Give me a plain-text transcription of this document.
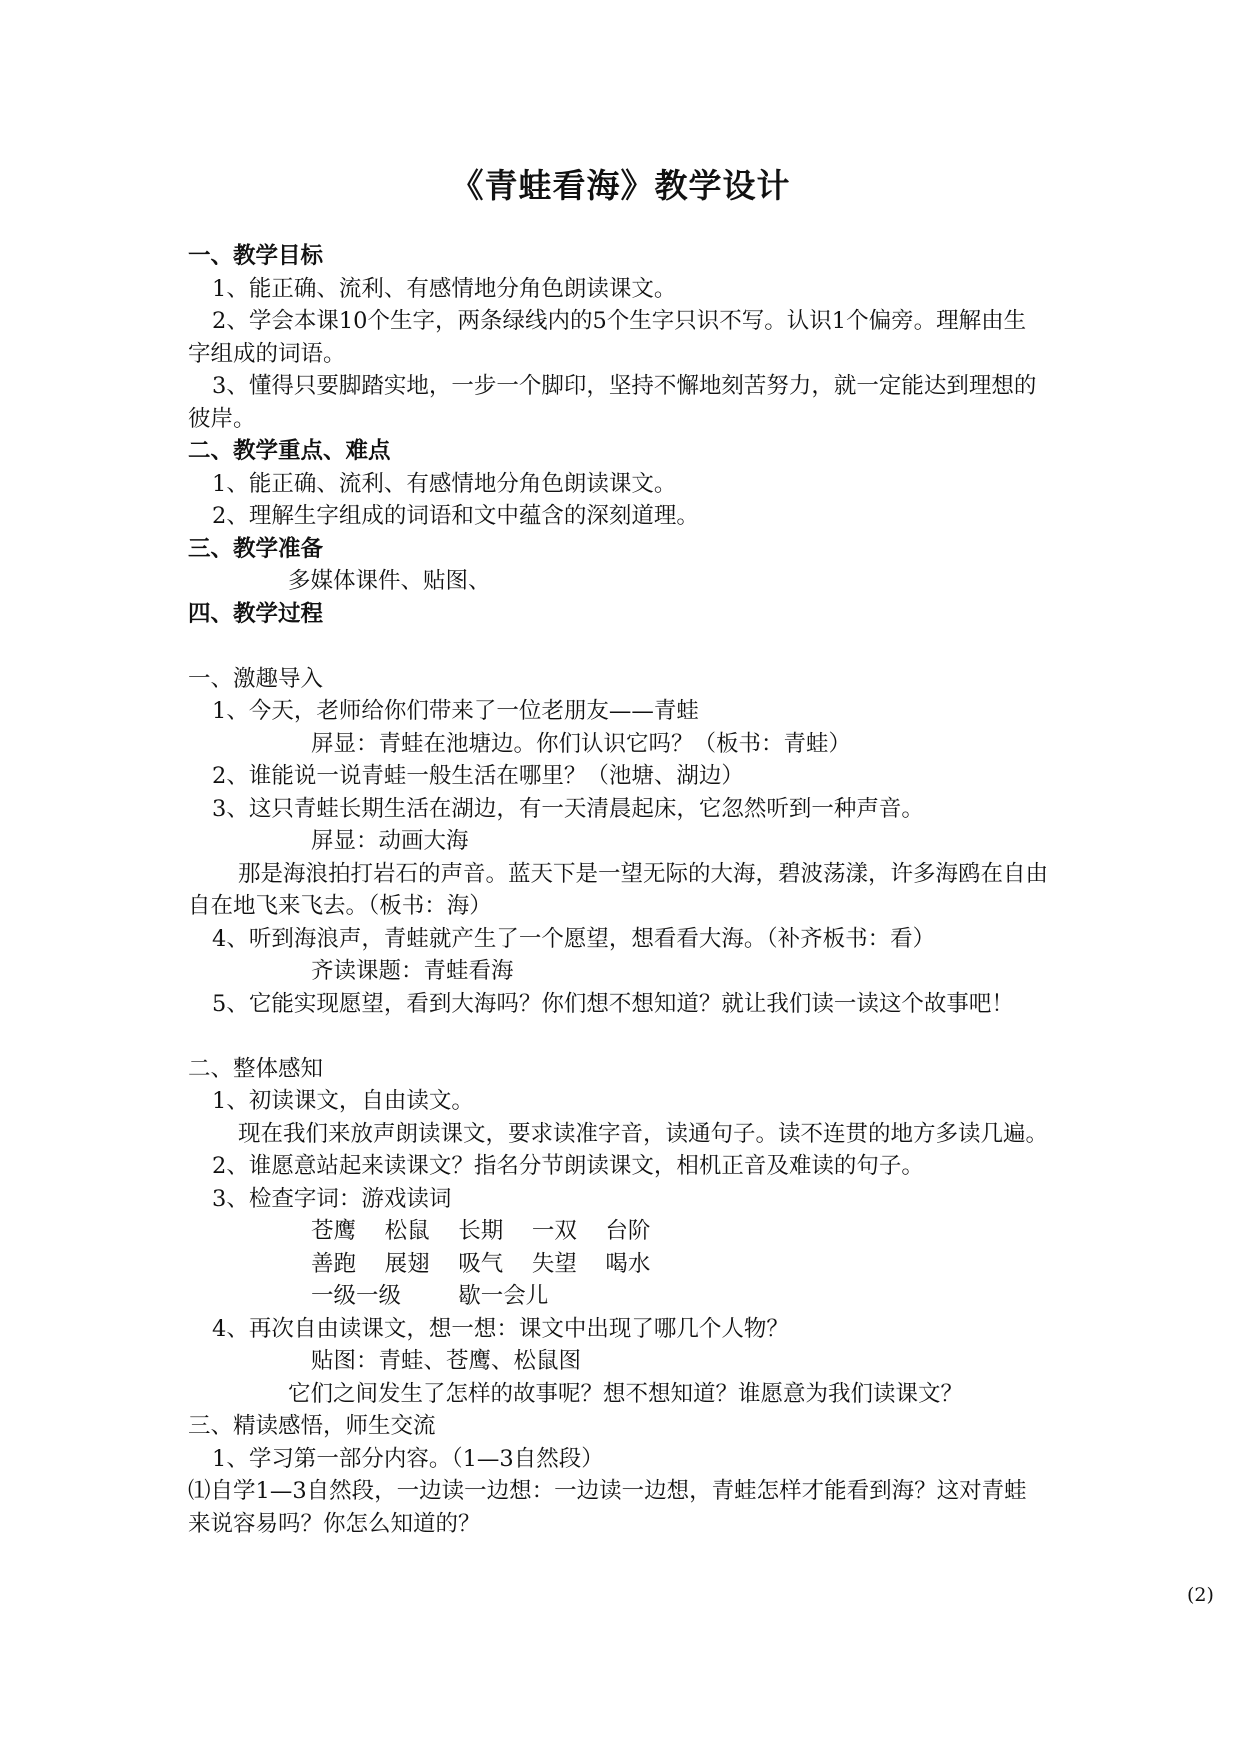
《青蛙看海》教学设计

一、教学目标

1、能正确、流利、有感情地分角色朗读课文。

2、学会本课10个生字，两条绿线内的5个生字只识不写。认识1个偏旁。理解由生字组成的词语。

3、懂得只要脚踏实地，一步一个脚印，坚持不懈地刻苦努力，就一定能达到理想的彼岸。

二、教学重点、难点

1、能正确、流利、有感情地分角色朗读课文。

2、理解生字组成的词语和文中蕴含的深刻道理。

三、教学准备

多媒体课件、贴图、

四、教学过程

一、激趣导入

1、今天，老师给你们带来了一位老朋友——青蛙

屏显：青蛙在池塘边。你们认识它吗？（板书：青蛙）

2、谁能说一说青蛙一般生活在哪里？（池塘、湖边）

3、这只青蛙长期生活在湖边，有一天清晨起床，它忽然听到一种声音。

屏显：动画大海

那是海浪拍打岩石的声音。蓝天下是一望无际的大海，碧波荡漾，许多海鸥在自由自在地飞来飞去。（板书：海）

4、听到海浪声，青蛙就产生了一个愿望，想看看大海。（补齐板书：看）

齐读课题：青蛙看海

5、它能实现愿望，看到大海吗？你们想不想知道？就让我们读一读这个故事吧！

二、整体感知

1、初读课文，自由读文。

现在我们来放声朗读课文，要求读准字音，读通句子。读不连贯的地方多读几遍。

2、谁愿意站起来读课文？指名分节朗读课文，相机正音及难读的句子。

3、检查字词：游戏读词

苍鹰    松鼠    长期    一双    台阶

善跑    展翅    吸气    失望    喝水

一级一级        歇一会儿

4、再次自由读课文，想一想：课文中出现了哪几个人物？

贴图：青蛙、苍鹰、松鼠图

它们之间发生了怎样的故事呢？想不想知道？谁愿意为我们读课文？

三、精读感悟，师生交流

1、学习第一部分内容。（1—3自然段）

⑴自学1—3自然段，一边读一边想：一边读一边想，青蛙怎样才能看到海？这对青蛙来说容易吗？你怎么知道的？

(2)
